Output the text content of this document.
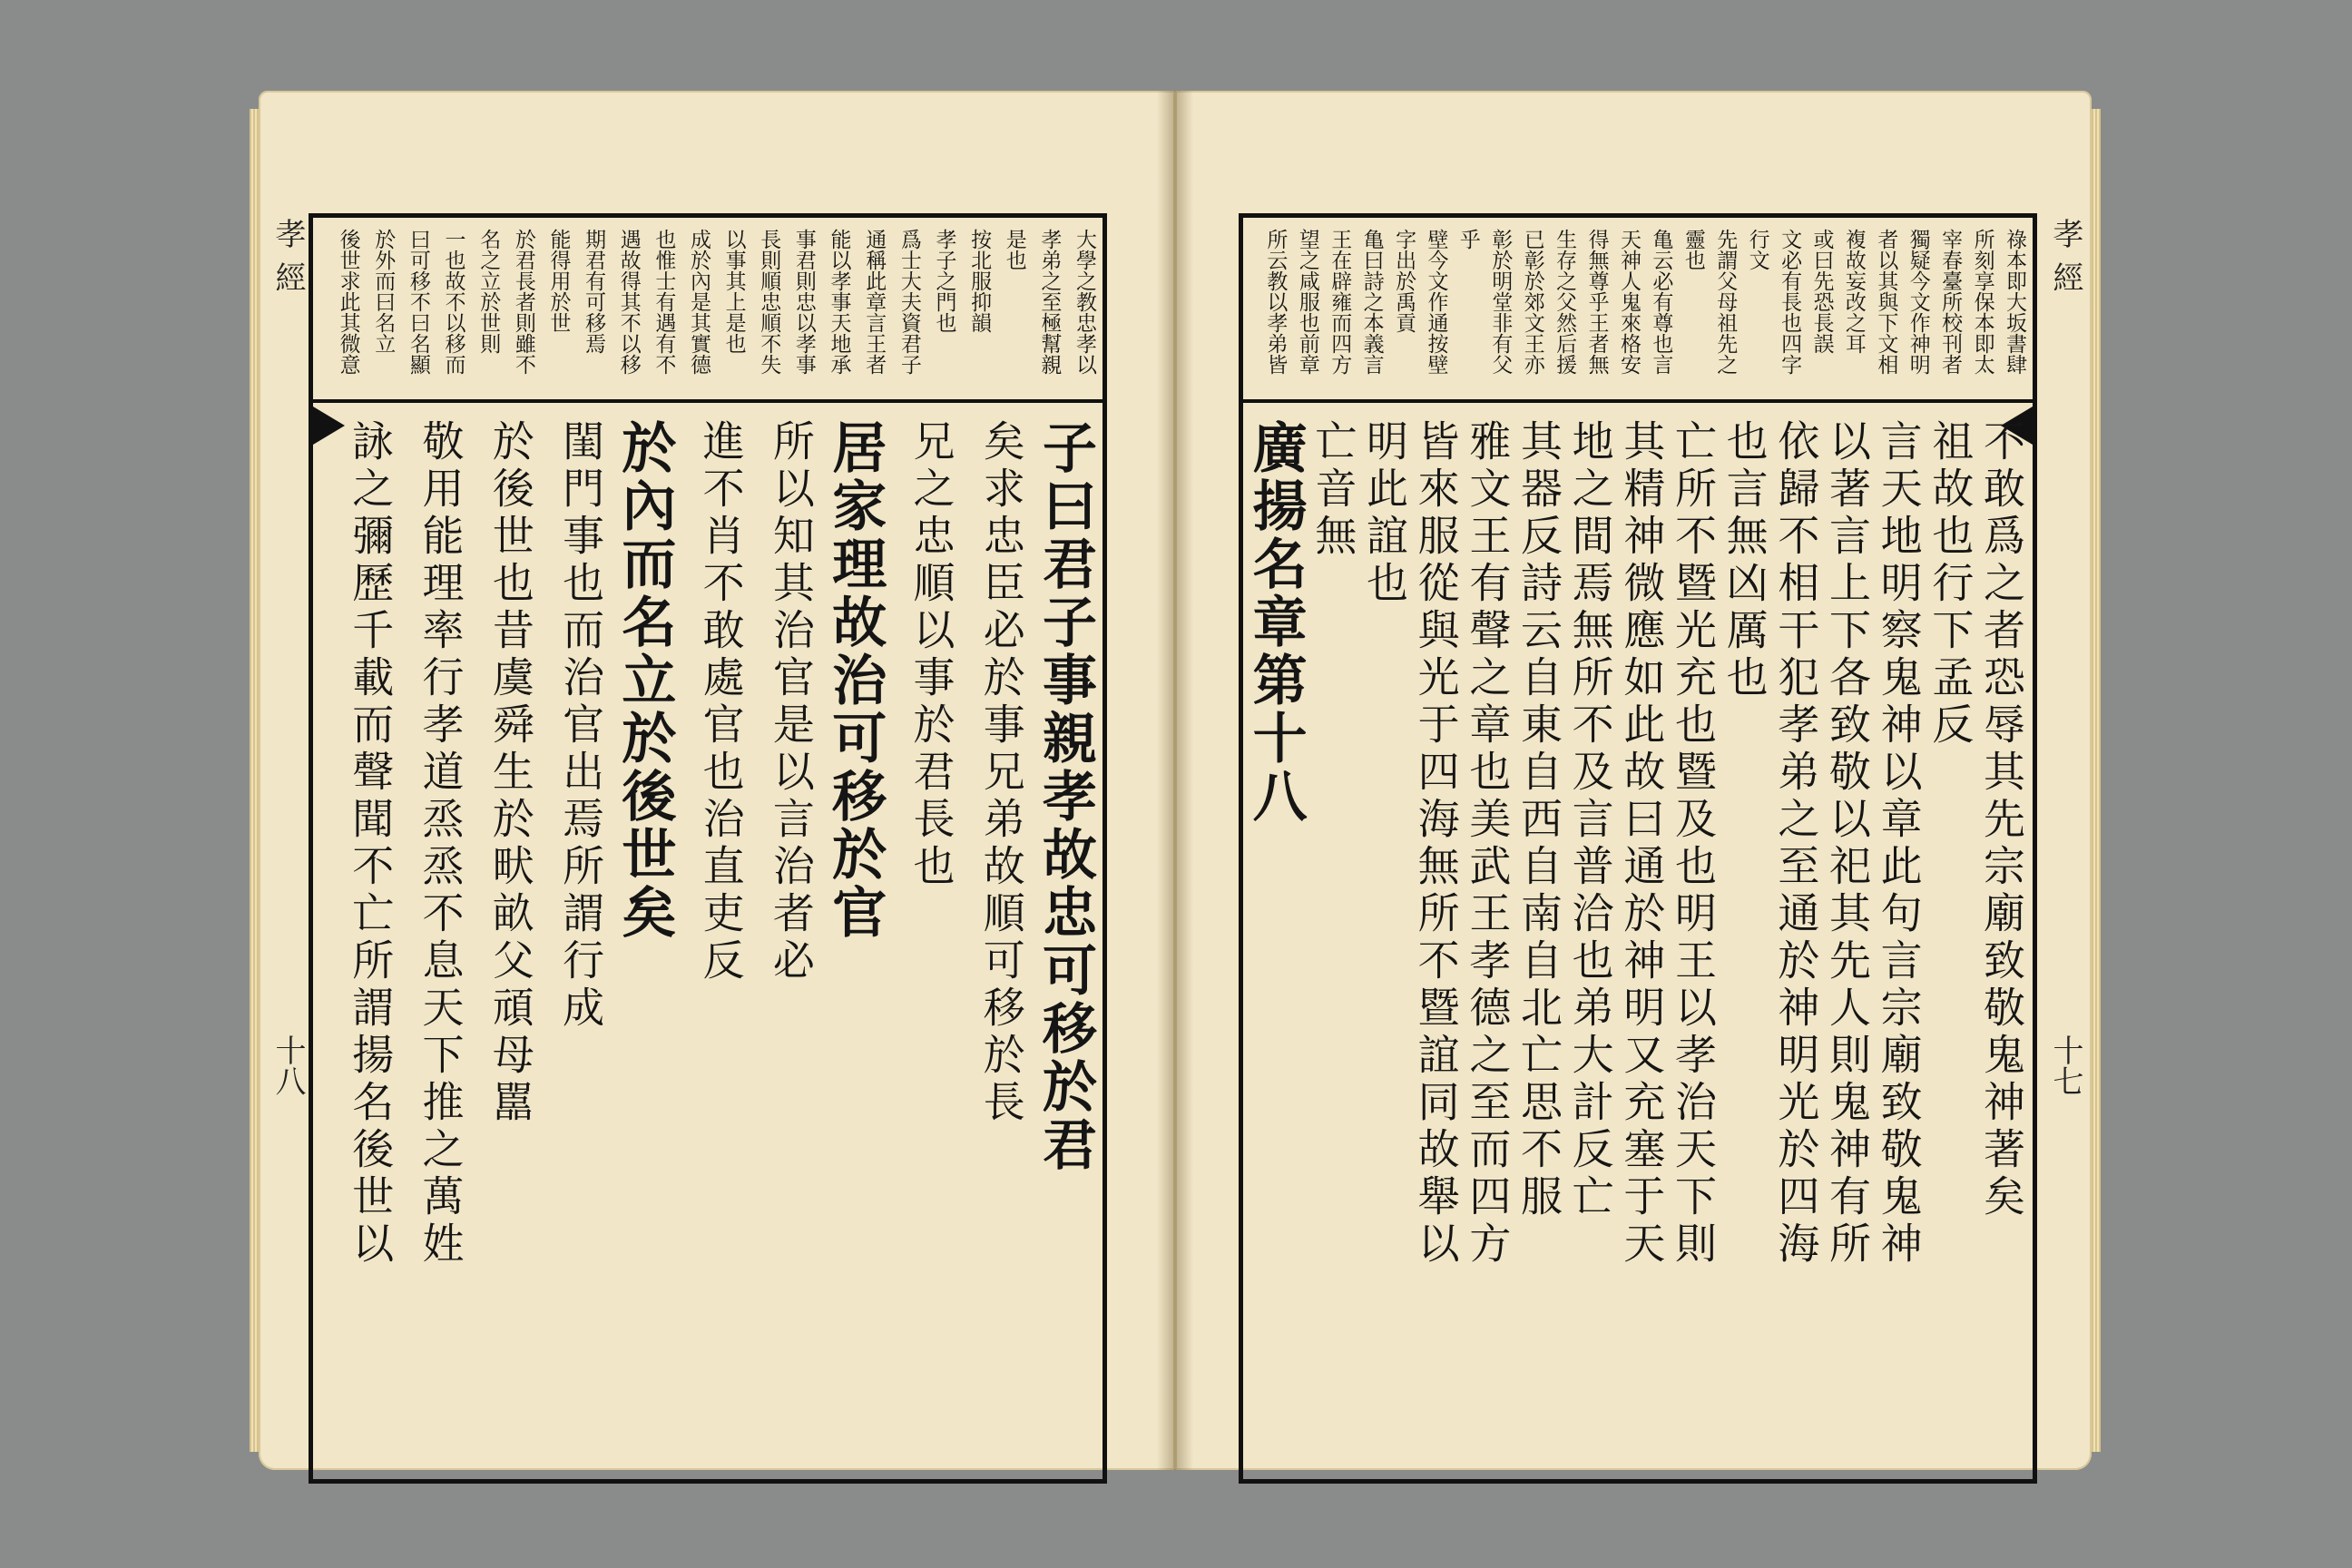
孝經
十八
大學之教忠孝以
孝弟之至極幫親
是也
按北服抑韻
孝子之門也
爲士大夫資君子
通稱此章言王者
能以孝事天地承
事君則忠以孝事
長則順忠順不失
以事其上是也
成於內是其實德
也惟士有遇有不
遇故得其不以移
期君有可移焉
能得用於世
於君長者則雖不
名之立於世則
一也故不以移而
曰可移不曰名顯
於外而曰名立
後世求此其微意
子曰君子事親孝故忠可移於君
矣求忠臣必於事兄弟故順可移於長
兄之忠順以事於君長也
居家理故治可移於官
所以知其治官是以言治者必
進不肖不敢處官也治直吏反
於內而名立於後世矣
閨門事也而治官出焉所謂行成
於後世也昔虞舜生於畎畝父頑母嚚
敬用能理率行孝道烝烝不息天下推之萬姓
詠之彌歷千載而聲聞不亡所謂揚名後世以
孝經
十七
祿本即大坂書肆
所刻享保本即太
宰春臺所校刊者
獨疑今文作神明
者以其與下文相
複故妄改之耳
或曰先恐長誤
文必有長也四字
行文
先謂父母祖先之
靈也
亀云必有尊也言
天神人鬼來格安
得無尊乎王者無
生存之父然后援
已彰於郊文王亦
彰於明堂非有父
乎
壁今文作通按壁
字出於禹貢
亀曰詩之本義言
王在辟雍而四方
望之咸服也前章
所云教以孝弟皆
不敢爲之者恐辱其先宗廟致敬鬼神著矣
祖故也行下孟反
言天地明察鬼神以章此句言宗廟致敬鬼神
以著言上下各致敬以祀其先人則鬼神有所
依歸不相干犯孝弟之至通於神明光於四海
也言無凶厲也
亡所不暨光充也暨及也明王以孝治天下則
其精神微應如此故曰通於神明又充塞于天
地之間焉無所不及言普洽也弟大計反亡
其器反詩云自東自西自南自北亡思不服
雅文王有聲之章也美武王孝德之至而四方
皆來服從與光于四海無所不暨誼同故舉以
明此誼也
亡音無
廣揚名章第十八
